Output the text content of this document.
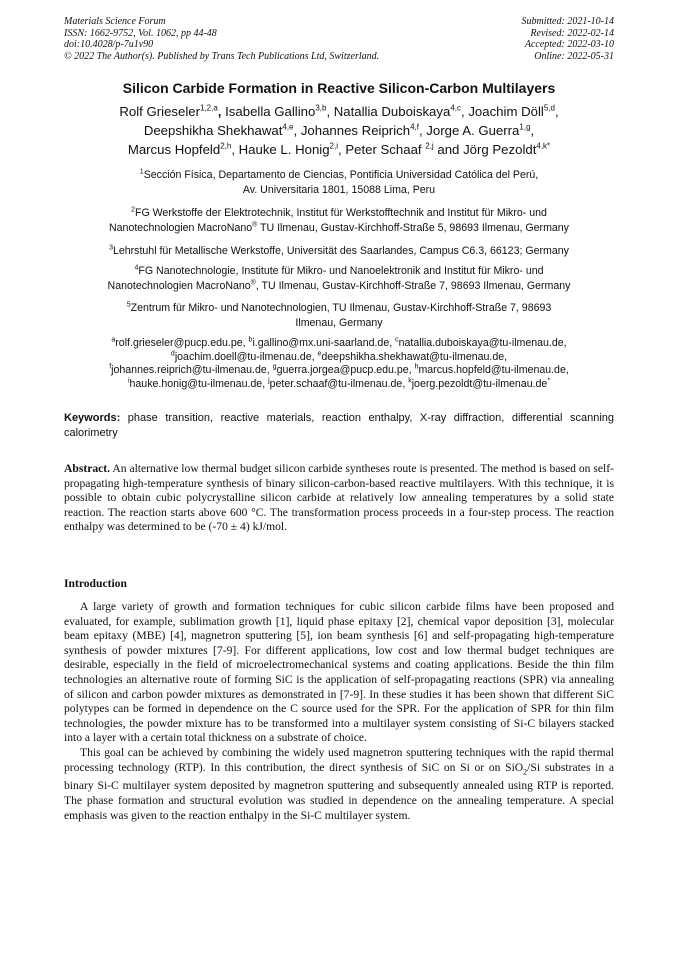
Materials Science Forum
ISSN: 1662-9752, Vol. 1062, pp 44-48
doi:10.4028/p-7u1v90
© 2022 The Author(s). Published by Trans Tech Publications Ltd, Switzerland.
Submitted: 2021-10-14
Revised: 2022-02-14
Accepted: 2022-03-10
Online: 2022-05-31
Silicon Carbide Formation in Reactive Silicon-Carbon Multilayers
Rolf Grieseler$^{1,2,a}$, Isabella Gallino$^{3,b}$, Natallia Duboiskaya$^{4,c}$, Joachim Döll$^{5,d}$,
Deepshikha Shekhawat$^{4,e}$, Johannes Reiprich$^{4,f}$, Jorge A. Guerra$^{1,g}$,
Marcus Hopfeld$^{2,h}$, Hauke L. Honig$^{2,i}$, Peter Schaaf $^{2,j}$ and Jörg Pezoldt$^{4,k*}$
$^1$Sección Física, Departamento de Ciencias, Pontificia Universidad Católica del Perú,
Av. Universitaria 1801, 15088 Lima, Peru
$^2$FG Werkstoffe der Elektrotechnik, Institut für Werkstofftechnik and Institut für Mikro- und
Nanotechnologien MacroNano® TU Ilmenau, Gustav-Kirchhoff-Straße 5, 98693 Ilmenau, Germany
$^3$Lehrstuhl für Metallische Werkstoffe, Universität des Saarlandes, Campus C6.3, 66123; Germany
$^4$FG Nanotechnologie, Institute für Mikro- und Nanoelektronik and Institut für Mikro- und
Nanotechnologien MacroNano®, TU Ilmenau, Gustav-Kirchhoff-Straße 7, 98693 Ilmenau, Germany
$^5$Zentrum für Mikro- und Nanotechnologien, TU Ilmenau, Gustav-Kirchhoff-Straße 7, 98693
Ilmenau, Germany
$^a$rolf.grieseler@pucp.edu.pe, $^b$i.gallino@mx.uni-saarland.de, $^c$natallia.duboiskaya@tu-ilmenau.de,
$^d$joachim.doell@tu-ilmenau.de, $^e$deepshikha.shekhawat@tu-ilmenau.de,
$^f$johannes.reiprich@tu-ilmenau.de, $^g$guerra.jorgea@pucp.edu.pe, $^h$marcus.hopfeld@tu-ilmenau.de,
$^i$hauke.honig@tu-ilmenau.de, $^j$peter.schaaf@tu-ilmenau.de, $^k$joerg.pezoldt@tu-ilmenau.de*
Keywords: phase transition, reactive materials, reaction enthalpy, X-ray diffraction, differential scanning calorimetry
Abstract. An alternative low thermal budget silicon carbide syntheses route is presented. The method is based on self-propagating high-temperature synthesis of binary silicon-carbon-based reactive multilayers. With this technique, it is possible to obtain cubic polycrystalline silicon carbide at relatively low annealing temperatures by a solid state reaction. The reaction starts above 600 °C. The transformation process proceeds in a four-step process. The reaction enthalpy was determined to be (-70 ± 4) kJ/mol.
Introduction

A large variety of growth and formation techniques for cubic silicon carbide films have been proposed and evaluated, for example, sublimation growth [1], liquid phase epitaxy [2], chemical vapor deposition [3], molecular beam epitaxy (MBE) [4], magnetron sputtering [5], ion beam synthesis [6] and self-propagating high-temperature synthesis of powder mixtures [7-9]. For different applications, low cost and low thermal budget techniques are desirable, especially in the field of microelectromechanical systems and coating applications. Beside the thin film technologies an alternative route of forming SiC is the application of self-propagating reactions (SPR) via annealing of silicon and carbon powder mixtures as demonstrated in [7-9]. In these studies it has been shown that different SiC polytypes can be formed in dependence on the C source used for the SPR. For the application of SPR for thin film technologies, the powder mixture has to be transformed into a multilayer system consisting of Si-C bilayers stacked into a layer with a certain total thickness on a substrate of choice.

This goal can be achieved by combining the widely used magnetron sputtering techniques with the rapid thermal processing technology (RTP). In this contribution, the direct synthesis of SiC on Si or on SiO$_2$/Si substrates in a binary Si-C multilayer system deposited by magnetron sputtering and subsequently annealed using RTP is reported. The phase formation and structural evolution was studied in dependence on the annealing temperature. A special emphasis was given to the reaction enthalpy in the Si-C multilayer system.
